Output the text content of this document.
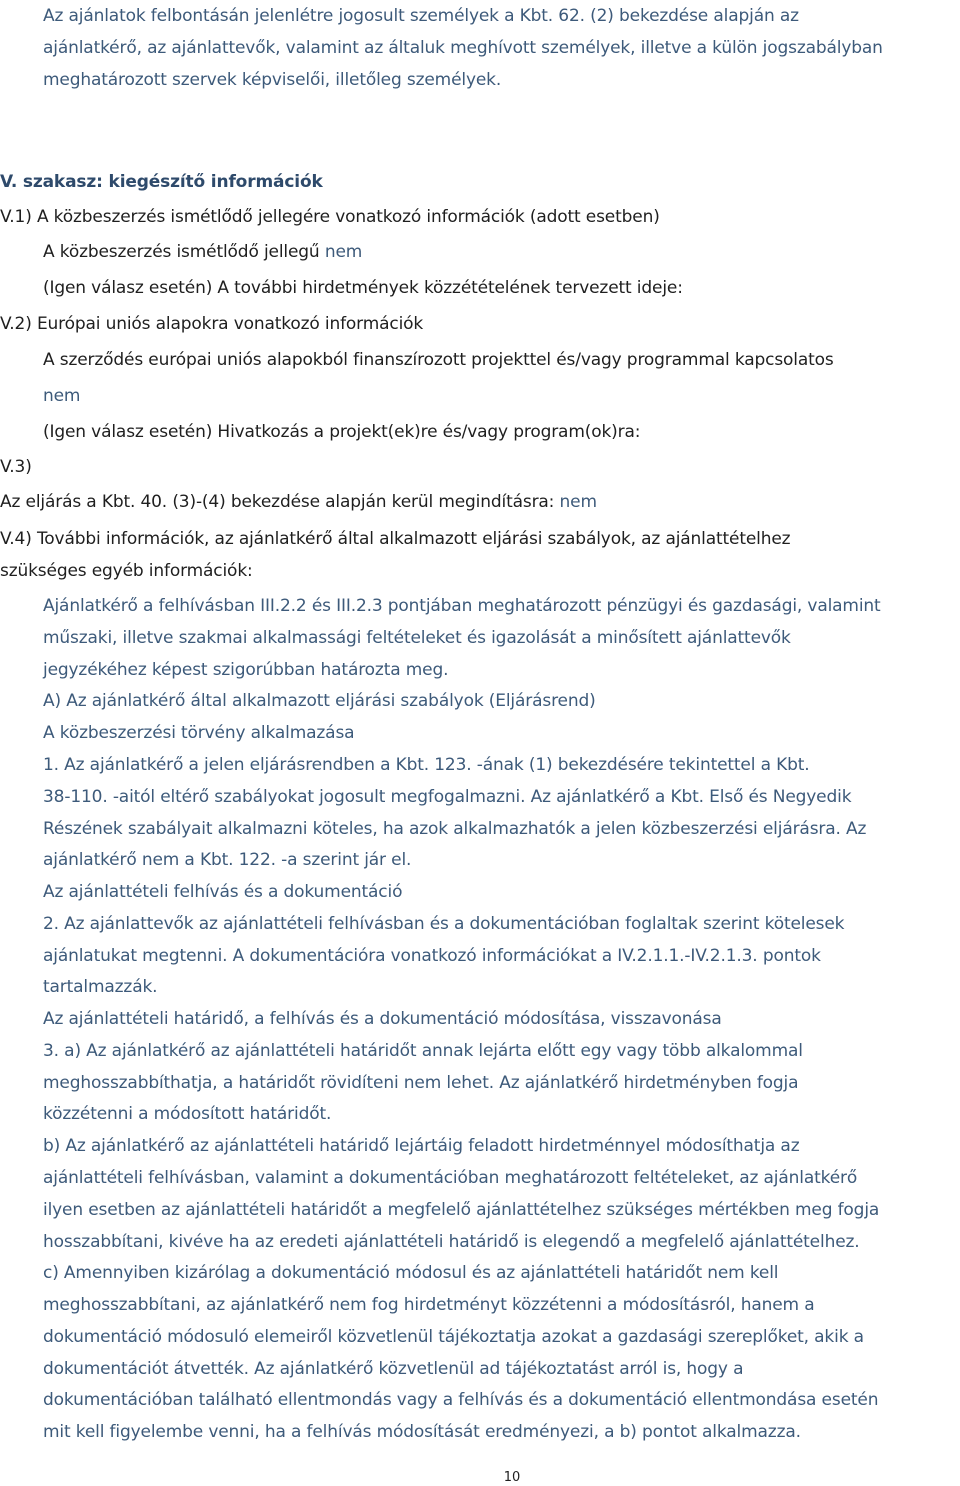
Az ajánlatok felbontásán jelenlétre jogosult személyek a Kbt. 62. (2) bekezdése alapján az
ajánlatkérő, az ajánlattevők, valamint az általuk meghívott személyek, illetve a külön jogszabályban
meghatározott szervek képviselői, illetőleg személyek.
V. szakasz: kiegészítő információk
V.1) A közbeszerzés ismétlődő jellegére vonatkozó információk (adott esetben)
A közbeszerzés ismétlődő jellegű nem
(Igen válasz esetén) A további hirdetmények közzétételének tervezett ideje:
V.2) Európai uniós alapokra vonatkozó információk
A szerződés európai uniós alapokból finanszírozott projekttel és/vagy programmal kapcsolatos
nem
(Igen válasz esetén) Hivatkozás a projekt(ek)re és/vagy program(ok)ra:
V.3)
Az eljárás a Kbt. 40. (3)-(4) bekezdése alapján kerül megindításra: nem
V.4) További információk, az ajánlatkérő által alkalmazott eljárási szabályok, az ajánlattételhez
szükséges egyéb információk:
Ajánlatkérő a felhívásban III.2.2 és III.2.3 pontjában meghatározott pénzügyi és gazdasági, valamint
műszaki, illetve szakmai alkalmassági feltételeket és igazolását a minősített ajánlattevők
jegyzékéhez képest szigorúbban határozta meg.
A) Az ajánlatkérő által alkalmazott eljárási szabályok (Eljárásrend)
A közbeszerzési törvény alkalmazása
1. Az ajánlatkérő a jelen eljárásrendben a Kbt. 123. -ának (1) bekezdésére tekintettel a Kbt.
38-110. -aitól eltérő szabályokat jogosult megfogalmazni. Az ajánlatkérő a Kbt. Első és Negyedik
Részének szabályait alkalmazni köteles, ha azok alkalmazhatók a jelen közbeszerzési eljárásra. Az
ajánlatkérő nem a Kbt. 122. -a szerint jár el.
Az ajánlattételi felhívás és a dokumentáció
2. Az ajánlattevők az ajánlattételi felhívásban és a dokumentációban foglaltak szerint kötelesek
ajánlatukat megtenni. A dokumentációra vonatkozó információkat a IV.2.1.1.-IV.2.1.3. pontok
tartalmazzák.
Az ajánlattételi határidő, a felhívás és a dokumentáció módosítása, visszavonása
3. a) Az ajánlatkérő az ajánlattételi határidőt annak lejárta előtt egy vagy több alkalommal
meghosszabbíthatja, a határidőt rövidíteni nem lehet. Az ajánlatkérő hirdetményben fogja
közzétenni a módosított határidőt.
b) Az ajánlatkérő az ajánlattételi határidő lejártáig feladott hirdetménnyel módosíthatja az
ajánlattételi felhívásban, valamint a dokumentációban meghatározott feltételeket, az ajánlatkérő
ilyen esetben az ajánlattételi határidőt a megfelelő ajánlattételhez szükséges mértékben meg fogja
hosszabbítani, kivéve ha az eredeti ajánlattételi határidő is elegendő a megfelelő ajánlattételhez.
c) Amennyiben kizárólag a dokumentáció módosul és az ajánlattételi határidőt nem kell
meghosszabbítani, az ajánlatkérő nem fog hirdetményt közzétenni a módosításról, hanem a
dokumentáció módosuló elemeiről közvetlenül tájékoztatja azokat a gazdasági szereplőket, akik a
dokumentációt átvették. Az ajánlatkérő közvetlenül ad tájékoztatást arról is, hogy a
dokumentációban található ellentmondás vagy a felhívás és a dokumentáció ellentmondása esetén
mit kell figyelembe venni, ha a felhívás módosítását eredményezi, a b) pontot alkalmazza.
10
